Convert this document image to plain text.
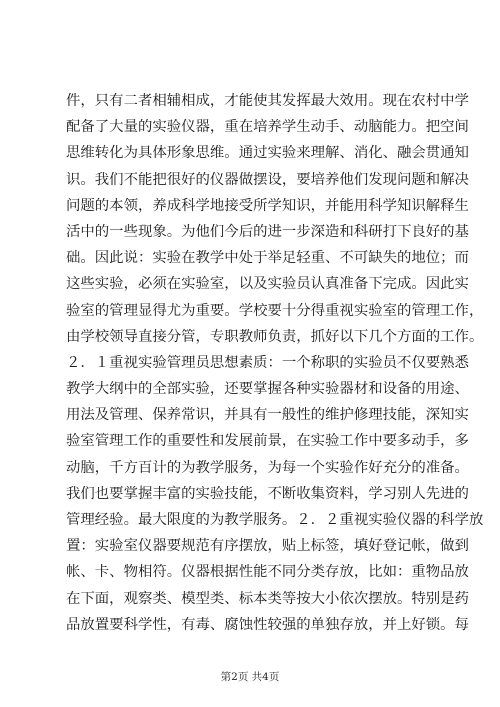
件，只有二者相辅相成，才能使其发挥最大效用。现在农村中学
配备了大量的实验仪器，重在培养学生动手、动脑能力。把空间
思维转化为具体形象思维。通过实验来理解、消化、融会贯通知
识。我们不能把很好的仪器做摆设，要培养他们发现问题和解决
问题的本领，养成科学地接受所学知识，并能用科学知识解释生
活中的一些现象。为他们今后的进一步深造和科研打下良好的基
础。因此说：实验在教学中处于举足轻重、不可缺失的地位；而
这些实验，必须在实验室，以及实验员认真准备下完成。因此实
验室的管理显得尤为重要。学校要十分得重视实验室的管理工作，
由学校领导直接分管，专职教师负责，抓好以下几个方面的工作。
２．１重视实验管理员思想素质：一个称职的实验员不仅要熟悉
教学大纲中的全部实验，还要掌握各种实验器材和设备的用途、
用法及管理、保养常识，并具有一般性的维护修理技能，深知实
验室管理工作的重要性和发展前景，在实验工作中要多动手，多
动脑，千方百计的为教学服务，为每一个实验作好充分的准备。
我们也要掌握丰富的实验技能，不断收集资料，学习别人先进的
管理经验。最大限度的为教学服务。２．２重视实验仪器的科学放
置：实验室仪器要规范有序摆放，贴上标签，填好登记帐，做到
帐、卡、物相符。仪器根据性能不同分类存放，比如：重物品放
在下面，观察类、模型类、标本类等按大小依次摆放。特别是药
品放置要科学性，有毒、腐蚀性较强的单独存放，并上好锁。每
第2页 共4页
